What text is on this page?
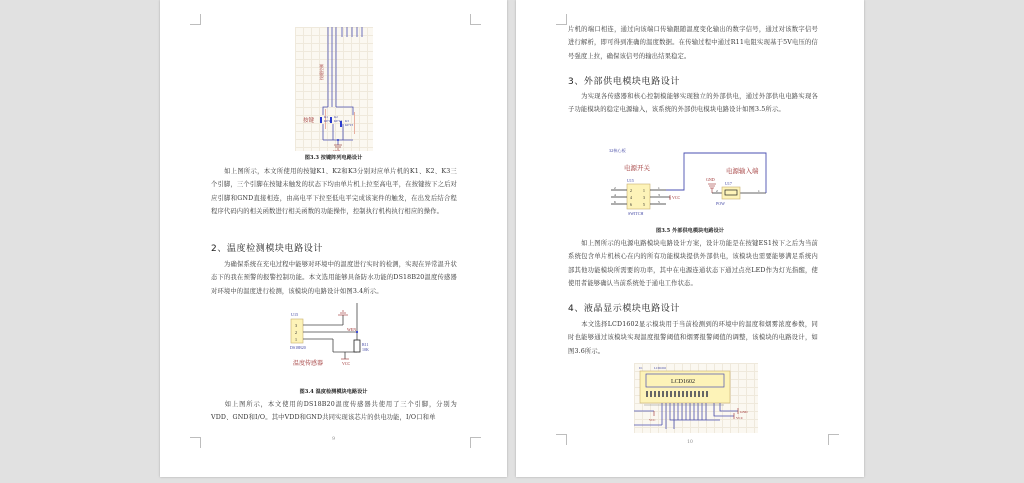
按键控制
按键
K1
KEY1
K2
KEY2 K3
KEY3
GND
图3.3 按键阵列电路设计
如上图所示，本文所使用的按键K1、K2和K3分别对应单片机的K1、K2、K3三个引脚，三个引脚在按键未触发的状态下均由单片机上拉至高电平，在按键按下之后对应引脚和GND直接相连，由高电平下拉至低电平完成该案件的触发，在出发后结合程程序代码内的相关函数进行相关函数的功能操作，控制执行机构执行相应的操作。
2、温度检测模块电路设计
为确保系统在充电过程中能够对环境中的温度进行实时的检测，实现在异常温升状态下的我在预警的报警控制功能。本文选用能够具备防水功能的DS18B20温度传感器对环境中的温度进行检测，该模块的电路设计如图3.4所示。
U15
3
2
1
DS18B20
WEN
R11
10K
VCC
温度传感器
图3.4 温度检测模块电路设计
如上图所示，本文使用的DS18B20温度传感器共使用了三个引脚，分别为VDD、GND和I/O。其中VDD和GND共同实现该芯片的供电功能，I/O口和单
9
片机的端口相连，通过向该端口传输跟随温度变化输出的数字信号，通过对该数字信号进行解析，即可得到准确的温度数据。在传输过程中通过R11电阻实现基于5V电压的信号强度上拉，确保该信号的输出结果稳定。
3、外部供电模块电路设计
为实现各传感器和核心控制模能够实现独立的外部供电，通过外部供电电路实现各子功能模块的稳定电源输入，该系统的外部供电模块电路设计如图3.5所示。
32核心板
电源开关
U15
2
4
6
2
4
6
1
3
5
1
3
5
SWITCH
VCC
电源输入端
GND
U17
2	1
POW
图3.5 外部供电模块电路设计
如上图所示的电源电路模块电路设计方案，设计功能是在按键ES1按下之后为当前系统包含单片机核心在内的所有功能模块提供外部供电，该模块也需要能够满足系统内部其他功能模块所需要的功率，其中在电源连通状态下通过点亮LED作为灯光指醒，使使用者能够确认当前系统处于通电工作状态。
4、液晶显示模块电路设计
本文选择LCD1602显示模块用于当前检测到的环境中的温度和烟雾浓度参数，同时也能够通过该模块实现温度报警阈值和烟雾报警阈值的调整，该模块的电路设计，如图3.6所示。
U1	LCD1602
LCD1602
GND
VCC
VCC
10
